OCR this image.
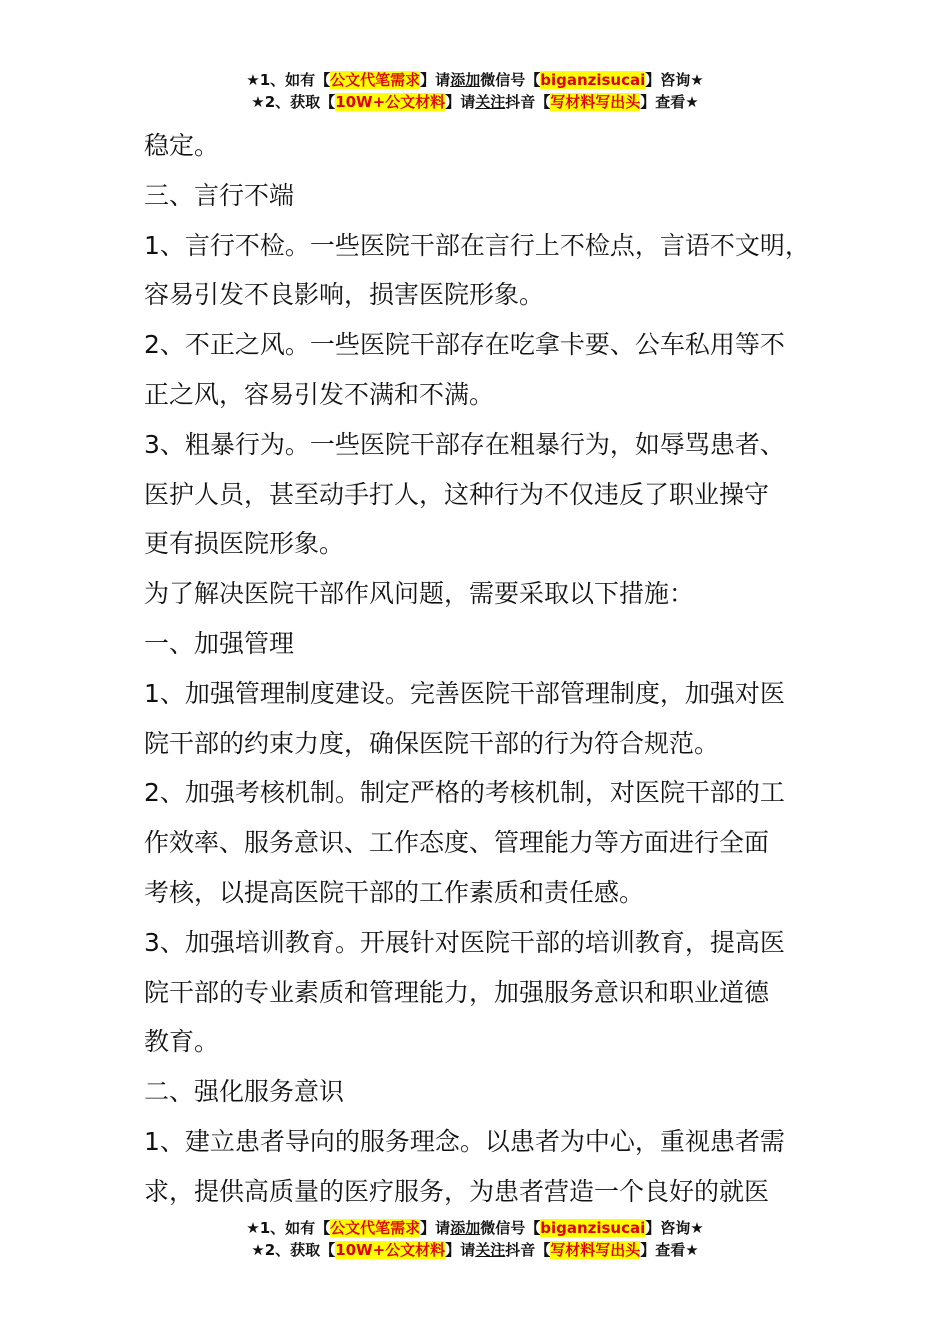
★1、如有【公文代笔需求】请添加微信号【biganzisucai】咨询★
★2、获取【10W+公文材料】请关注抖音【写材料写出头】查看★

稳定。

三、言行不端

1、言行不检。一些医院干部在言行上不检点，言语不文明，

容易引发不良影响，损害医院形象。

2、不正之风。一些医院干部存在吃拿卡要、公车私用等不

正之风，容易引发不满和不满。

3、粗暴行为。一些医院干部存在粗暴行为，如辱骂患者、

医护人员，甚至动手打人，这种行为不仅违反了职业操守

更有损医院形象。

为了解决医院干部作风问题，需要采取以下措施：

一、加强管理

1、加强管理制度建设。完善医院干部管理制度，加强对医

院干部的约束力度，确保医院干部的行为符合规范。

2、加强考核机制。制定严格的考核机制，对医院干部的工

作效率、服务意识、工作态度、管理能力等方面进行全面

考核，以提高医院干部的工作素质和责任感。

3、加强培训教育。开展针对医院干部的培训教育，提高医

院干部的专业素质和管理能力，加强服务意识和职业道德

教育。

二、强化服务意识

1、建立患者导向的服务理念。以患者为中心，重视患者需

求，提供高质量的医疗服务，为患者营造一个良好的就医

★1、如有【公文代笔需求】请添加微信号【biganzisucai】咨询★
★2、获取【10W+公文材料】请关注抖音【写材料写出头】查看★
